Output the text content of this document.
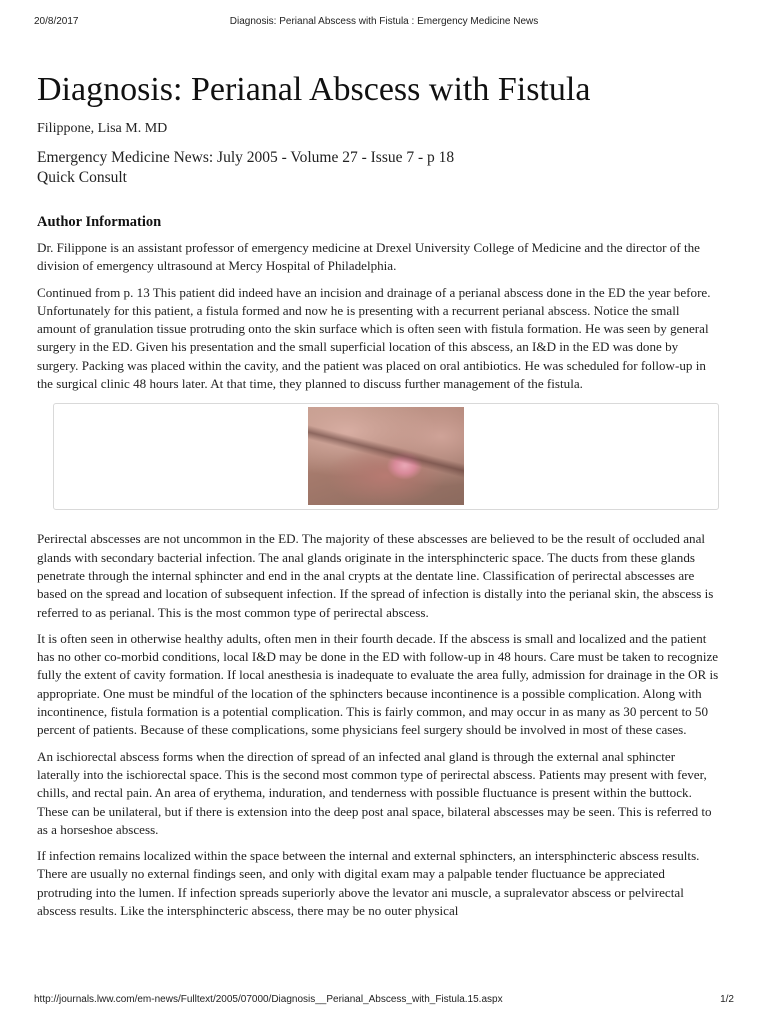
20/8/2017	Diagnosis: Perianal Abscess with Fistula : Emergency Medicine News
Diagnosis: Perianal Abscess with Fistula
Filippone, Lisa M. MD
Emergency Medicine News: July 2005 - Volume 27 - Issue 7 - p 18
Quick Consult
Author Information

Dr. Filippone is an assistant professor of emergency medicine at Drexel University College of Medicine and the director of the division of emergency ultrasound at Mercy Hospital of Philadelphia.

Continued from p. 13 This patient did indeed have an incision and drainage of a perianal abscess done in the ED the year before. Unfortunately for this patient, a fistula formed and now he is presenting with a recurrent perianal abscess. Notice the small amount of granulation tissue protruding onto the skin surface which is often seen with fistula formation. He was seen by general surgery in the ED. Given his presentation and the small superficial location of this abscess, an I&D in the ED was done by surgery. Packing was placed within the cavity, and the patient was placed on oral antibiotics. He was scheduled for follow-up in the surgical clinic 48 hours later. At that time, they planned to discuss further management of the fistula.

Perirectal abscesses are not uncommon in the ED. The majority of these abscesses are believed to be the result of occluded anal glands with secondary bacterial infection. The anal glands originate in the intersphincteric space. The ducts from these glands penetrate through the internal sphincter and end in the anal crypts at the dentate line. Classification of perirectal abscesses are based on the spread and location of subsequent infection. If the spread of infection is distally into the perianal skin, the abscess is referred to as perianal. This is the most common type of perirectal abscess.

It is often seen in otherwise healthy adults, often men in their fourth decade. If the abscess is small and localized and the patient has no other co-morbid conditions, local I&D may be done in the ED with follow-up in 48 hours. Care must be taken to recognize fully the extent of cavity formation. If local anesthesia is inadequate to evaluate the area fully, admission for drainage in the OR is appropriate. One must be mindful of the location of the sphincters because incontinence is a possible complication. Along with incontinence, fistula formation is a potential complication. This is fairly common, and may occur in as many as 30 percent to 50 percent of patients. Because of these complications, some physicians feel surgery should be involved in most of these cases.

An ischiorectal abscess forms when the direction of spread of an infected anal gland is through the external anal sphincter laterally into the ischiorectal space. This is the second most common type of perirectal abscess. Patients may present with fever, chills, and rectal pain. An area of erythema, induration, and tenderness with possible fluctuance is present within the buttock. These can be unilateral, but if there is extension into the deep post anal space, bilateral abscesses may be seen. This is referred to as a horseshoe abscess.

If infection remains localized within the space between the internal and external sphincters, an intersphincteric abscess results. There are usually no external findings seen, and only with digital exam may a palpable tender fluctuance be appreciated protruding into the lumen. If infection spreads superiorly above the levator ani muscle, a supralevator abscess or pelvirectal abscess results. Like the intersphincteric abscess, there may be no outer physical

http://journals.lww.com/em-news/Fulltext/2005/07000/Diagnosis__Perianal_Abscess_with_Fistula.15.aspx	1/2
